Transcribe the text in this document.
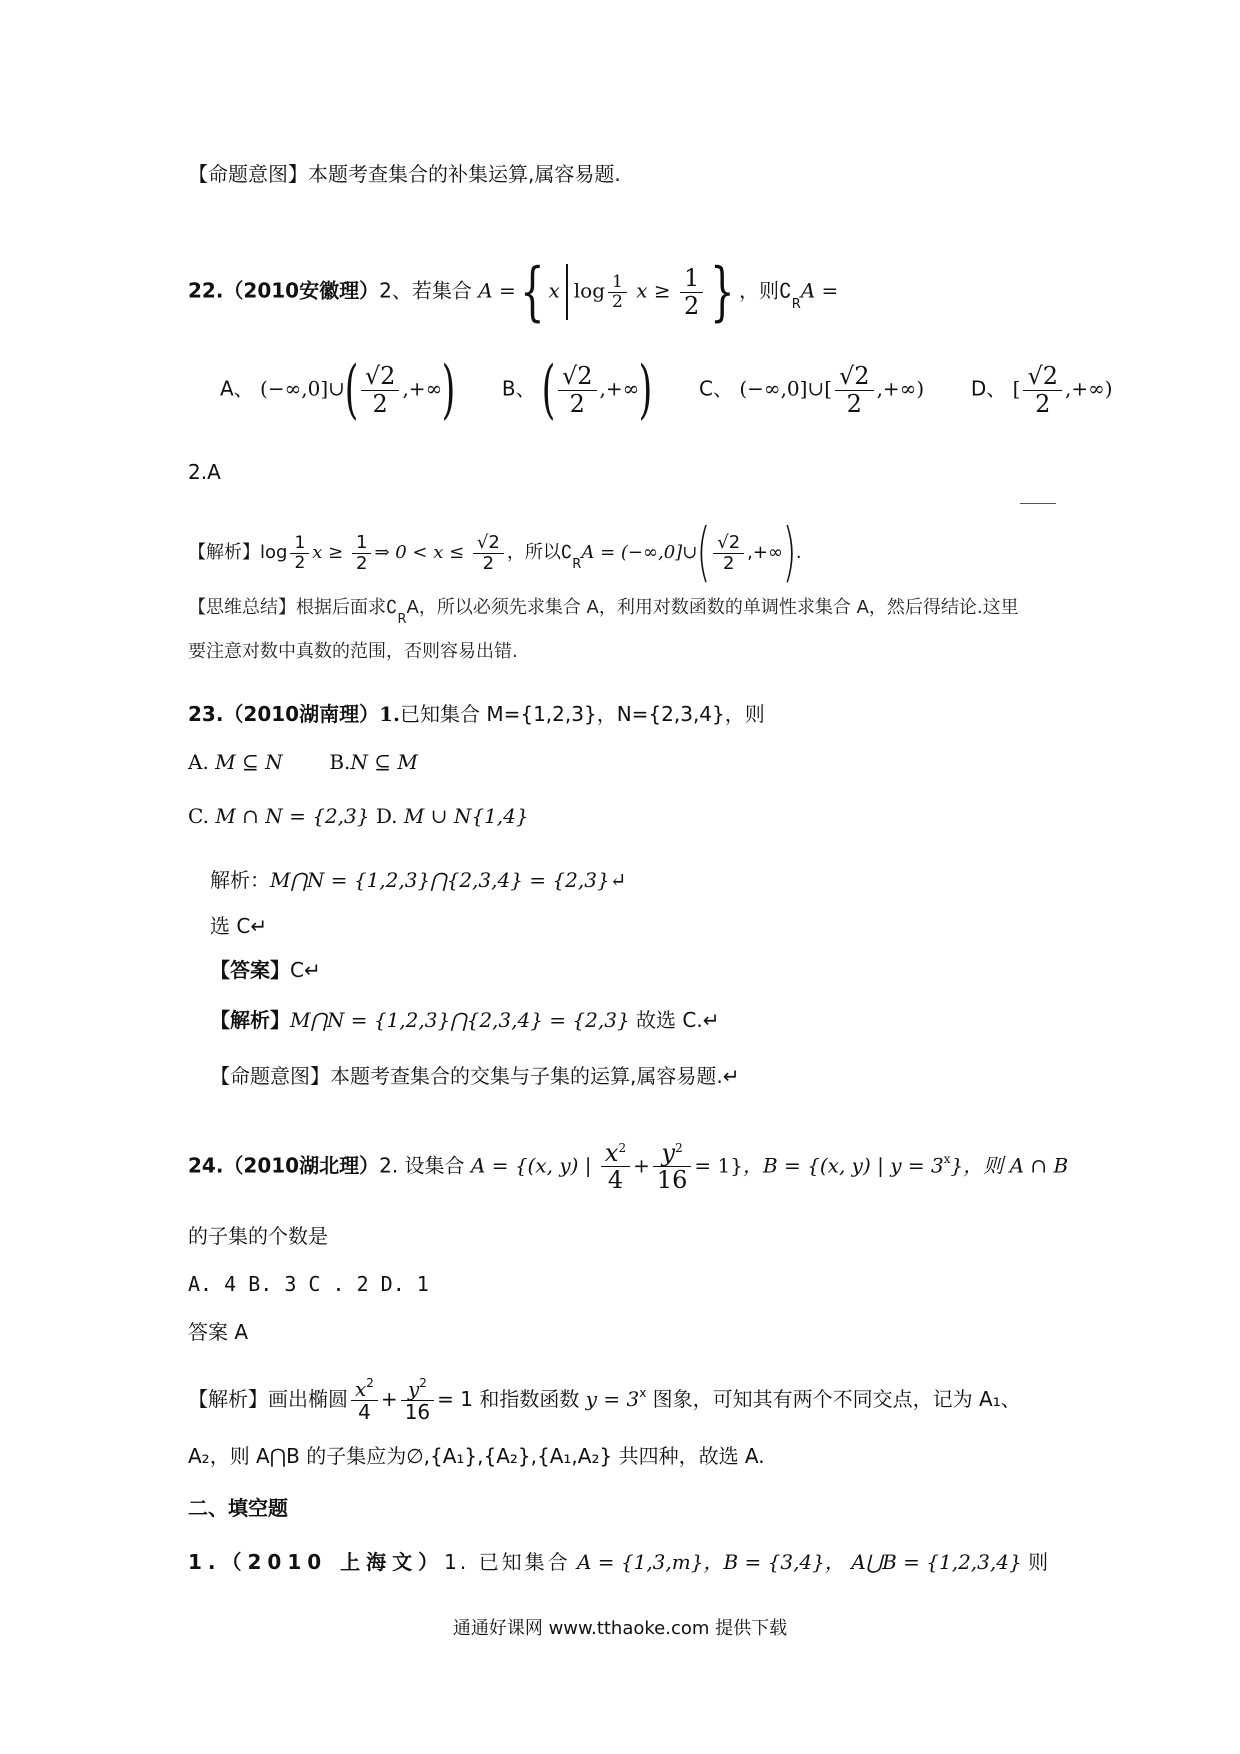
【命题意图】本题考查集合的补集运算,属容易题.
22.（2010安徽理）2、若集合 A ={ x $\log \frac{1}{2}$ $x \ge \frac{1}{2}$ } ，则$∁_RA$ =
A、 (−∞,0]∪( $\frac{√2}{2}$ ,+∞) B、 ( $\frac{√2}{2}$ ,+∞) C、 (−∞,0]∪[ $\frac{√2}{2}$ ,+∞) D、 [ $\frac{√2}{2}$ ,+∞)
2.A
【解析】$\log \frac{1}{2}$ $x \ge \frac{1}{2}$ ⇒ $0 < x \le \frac{√2}{2}$ ，所以$∁_RA$ = (−∞,0]∪( $\frac{√2}{2}$ ,+∞).
【思维总结】根据后面求$∁_RA$，所以必须先求集合 A，利用对数函数的单调性求集合 A，然后得结论.这里
要注意对数中真数的范围，否则容易出错.
23.（2010湖南理）1.已知集合 M={1,2,3}，N={2,3,4}，则
A. M ⊆ N B.N ⊆ M
C. M ∩ N = {2,3} D. M ∪ N{1,4}
解析：M⋂N = {1,2,3}⋂{2,3,4} = {2,3}↵
选 C↵
【答案】C↵
【解析】M⋂N = {1,2,3}⋂{2,3,4} = {2,3} 故选 C.↵
【命题意图】本题考查集合的交集与子集的运算,属容易题.↵
24.（2010湖北理）2. 设集合 A = {(x, y) | $\frac{x^2}{4} + \frac{y^2}{16} = 1$}，B = {(x, y) | $y = 3^x$}，则 A ∩ B
的子集的个数是
A. 4 B. 3 C . 2 D. 1
答案 A
【解析】画出椭圆 $\frac{x^2}{4} + \frac{y^2}{16} = 1$ 和指数函数 $y = 3^x$ 图象，可知其有两个不同交点，记为 A₁、
A₂，则 A⋂B 的子集应为∅,{A₁},{A₂},{A₁,A₂} 共四种，故选 A.
二、填空题
1.（2010 上海文）1. 已知集合 A = {1,3,m}，B = {3,4}， A⋃B = {1,2,3,4} 则
通通好课网 www.tthaoke.com 提供下载
